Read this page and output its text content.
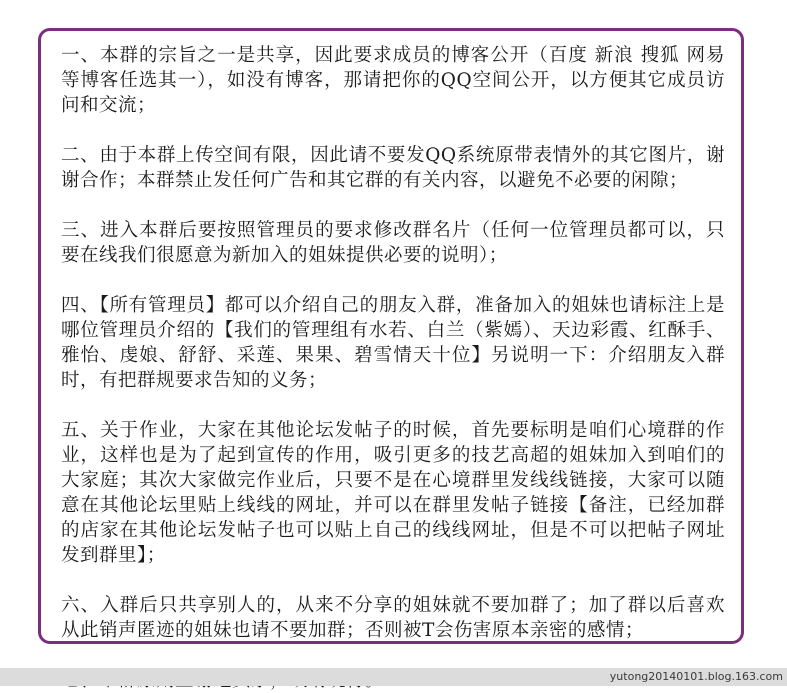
一、本群的宗旨之一是共享，因此要求成员的博客公开（百度 新浪 搜狐 网易等博客任选其一），如没有博客，那请把你的QQ空间公开，以方便其它成员访问和交流；

二、由于本群上传空间有限，因此请不要发QQ系统原带表情外的其它图片，谢谢合作；本群禁止发任何广告和其它群的有关内容，以避免不必要的闲隙；

三、进入本群后要按照管理员的要求修改群名片（任何一位管理员都可以，只要在线我们很愿意为新加入的姐妹提供必要的说明）；

四、【所有管理员】都可以介绍自己的朋友入群，准备加入的姐妹也请标注上是哪位管理员介绍的【我们的管理组有水若、白兰（紫嫣）、天边彩霞、红酥手、雅怡、虔娘、舒舒、采莲、果果、碧雪情天十位】另说明一下：介绍朋友入群时，有把群规要求告知的义务；

五、关于作业，大家在其他论坛发帖子的时候，首先要标明是咱们心境群的作业，这样也是为了起到宣传的作用，吸引更多的技艺高超的姐妹加入到咱们的大家庭；其次大家做完作业后，只要不是在心境群里发线线链接，大家可以随意在其他论坛里贴上线线的网址，并可以在群里发帖子链接【备注，已经加群的店家在其他论坛发帖子也可以贴上自己的线线网址，但是不可以把帖子网址发到群里】；

六、入群后只共享别人的，从来不分享的姐妹就不要加群了；加了群以后喜欢从此销声匿迹的姐妹也请不要加群；否则被T会伤害原本亲密的感情；

yutong20140101.blog.163.com
